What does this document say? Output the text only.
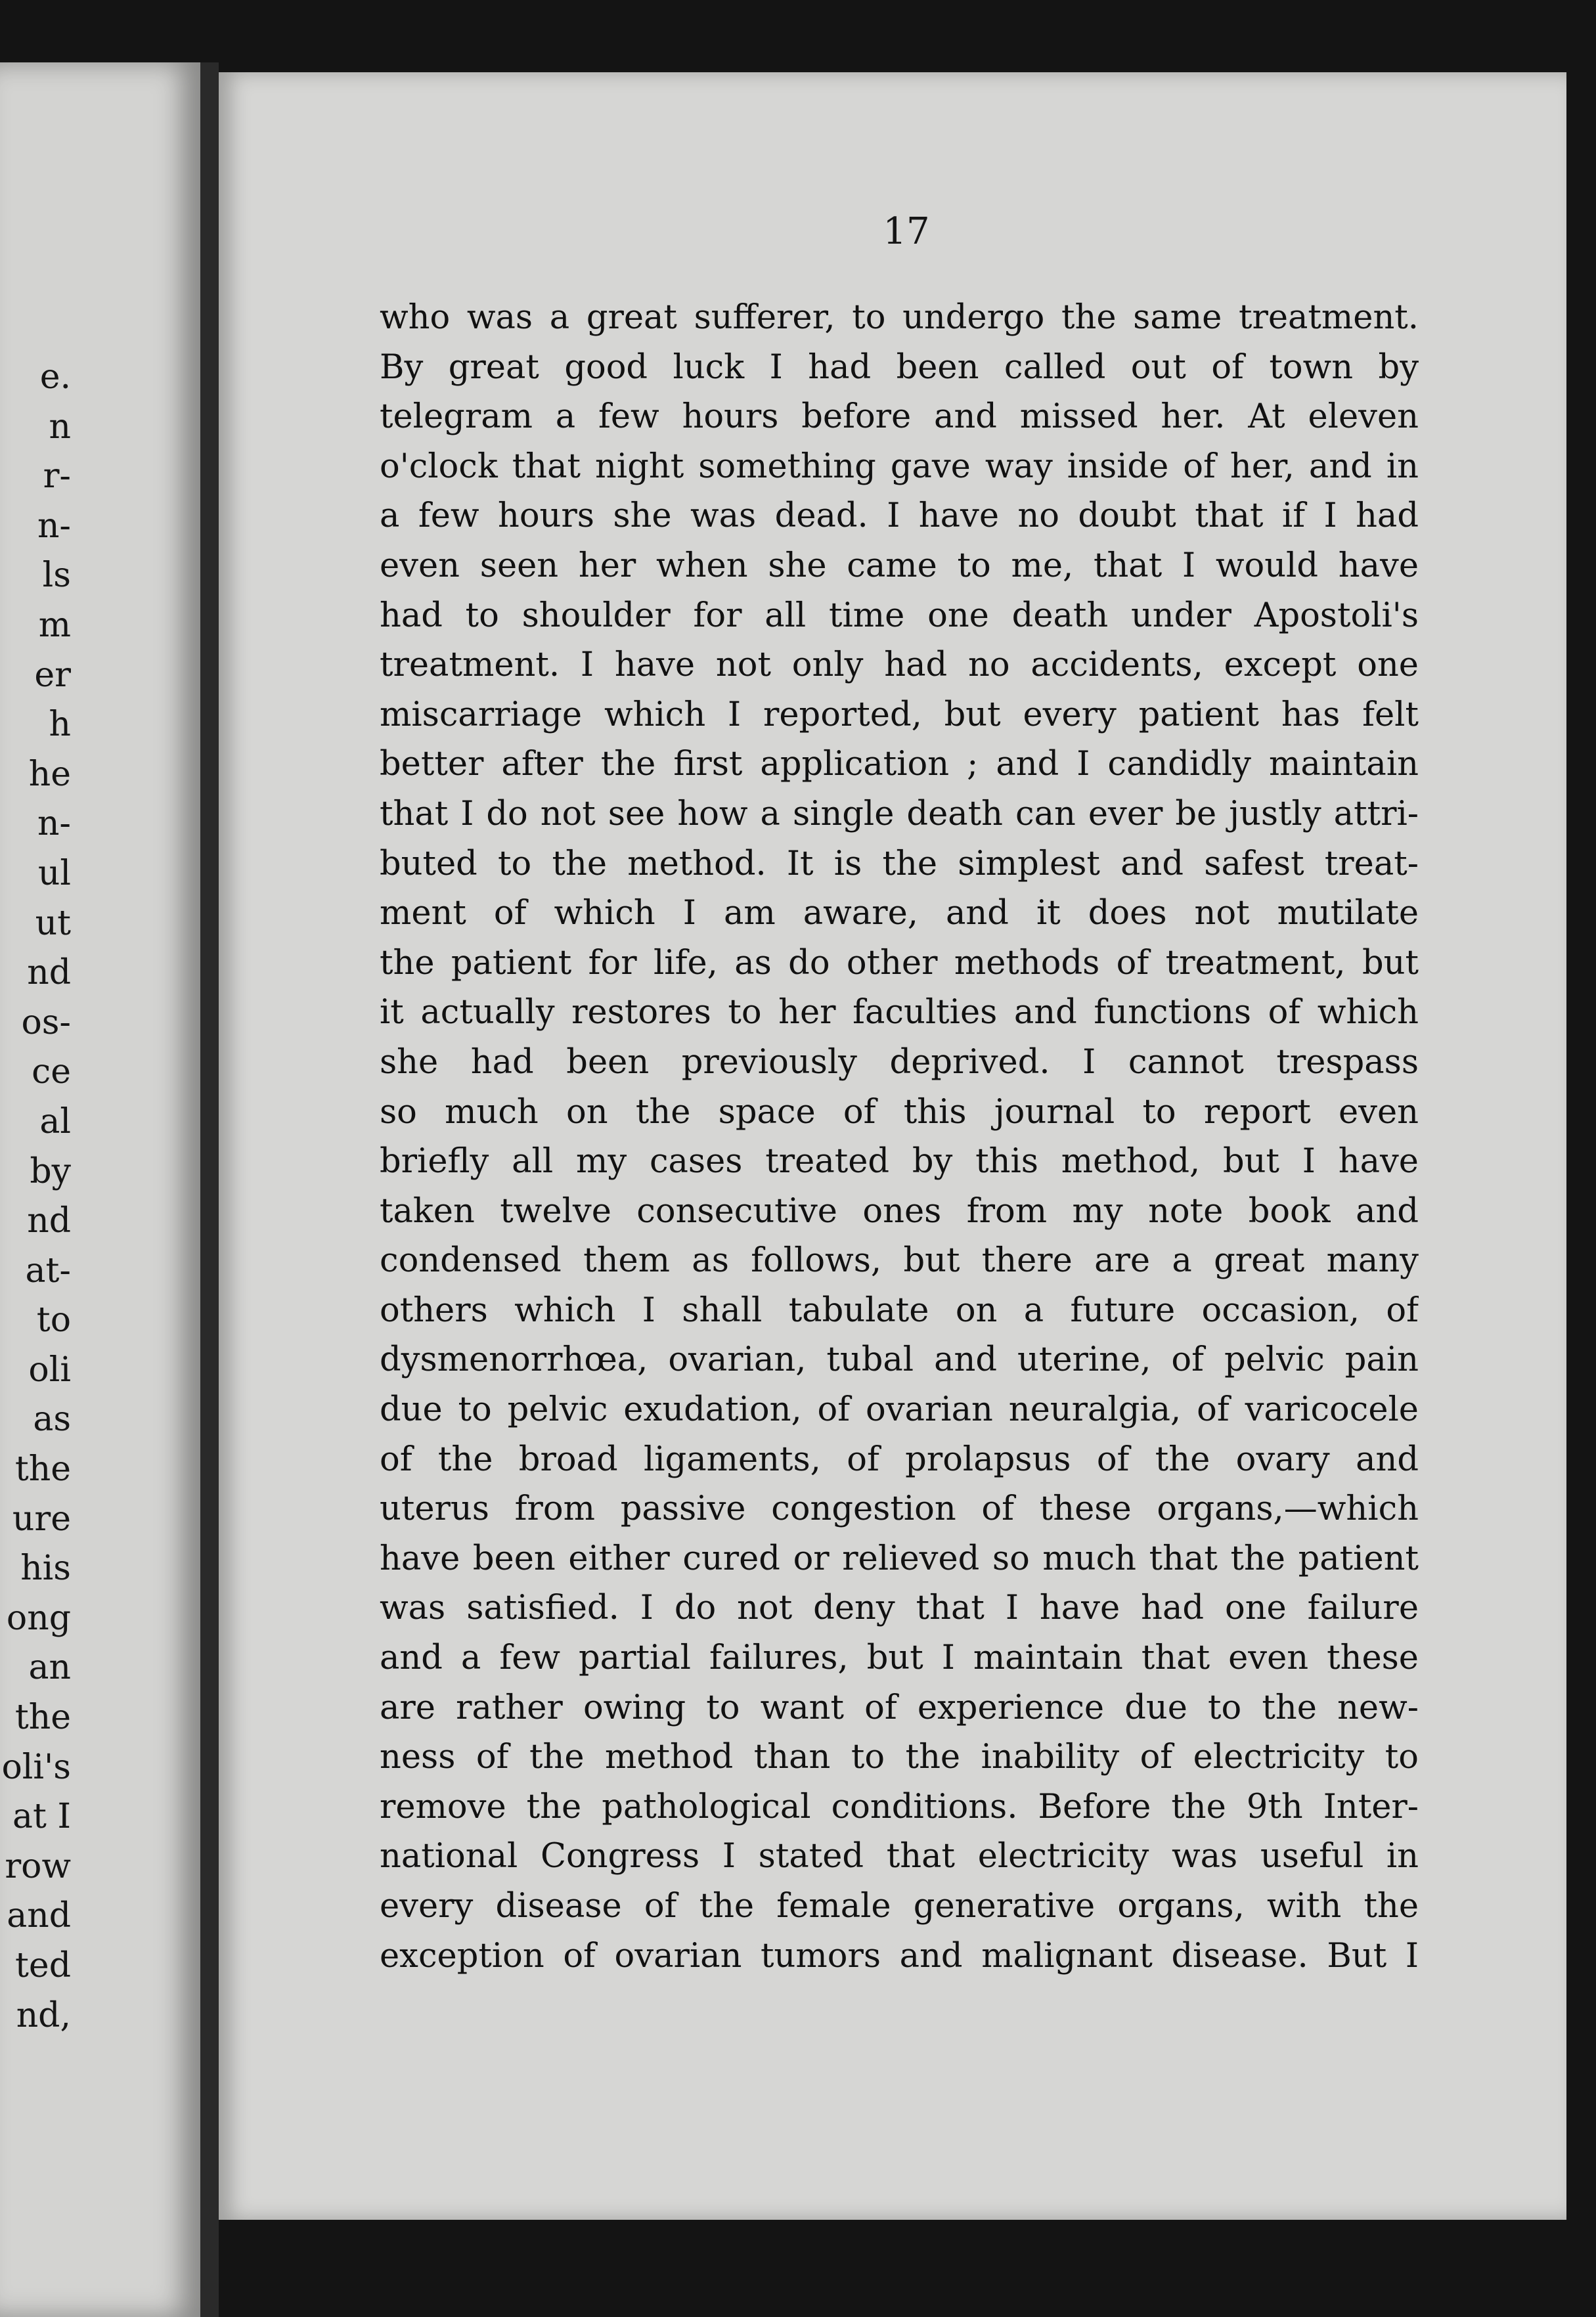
e.
n
r-
n-
ls
m
er
h
he
n-
ul
ut
nd
os-
ce
al
by
nd
at-
to
oli
as
the
ure
his
ong
an
the
oli's
at I
row
and
ted
nd,
17
who was a great sufferer, to undergo the same treatment.
By great good luck I had been called out of town by
telegram a few hours before and missed her. At eleven
o'clock that night something gave way inside of her, and in
a few hours she was dead. I have no doubt that if I had
even seen her when she came to me, that I would have
had to shoulder for all time one death under Apostoli's
treatment. I have not only had no accidents, except one
miscarriage which I reported, but every patient has felt
better after the first application ; and I candidly maintain
that I do not see how a single death can ever be justly attri-
buted to the method. It is the simplest and safest treat-
ment of which I am aware, and it does not mutilate
the patient for life, as do other methods of treatment, but
it actually restores to her faculties and functions of which
she had been previously deprived. I cannot trespass
so much on the space of this journal to report even
briefly all my cases treated by this method, but I have
taken twelve consecutive ones from my note book and
condensed them as follows, but there are a great many
others which I shall tabulate on a future occasion, of
dysmenorrhœa, ovarian, tubal and uterine, of pelvic pain
due to pelvic exudation, of ovarian neuralgia, of varicocele
of the broad ligaments, of prolapsus of the ovary and
uterus from passive congestion of these organs,—which
have been either cured or relieved so much that the patient
was satisfied. I do not deny that I have had one failure
and a few partial failures, but I maintain that even these
are rather owing to want of experience due to the new-
ness of the method than to the inability of electricity to
remove the pathological conditions. Before the 9th Inter-
national Congress I stated that electricity was useful in
every disease of the female generative organs, with the
exception of ovarian tumors and malignant disease. But I
